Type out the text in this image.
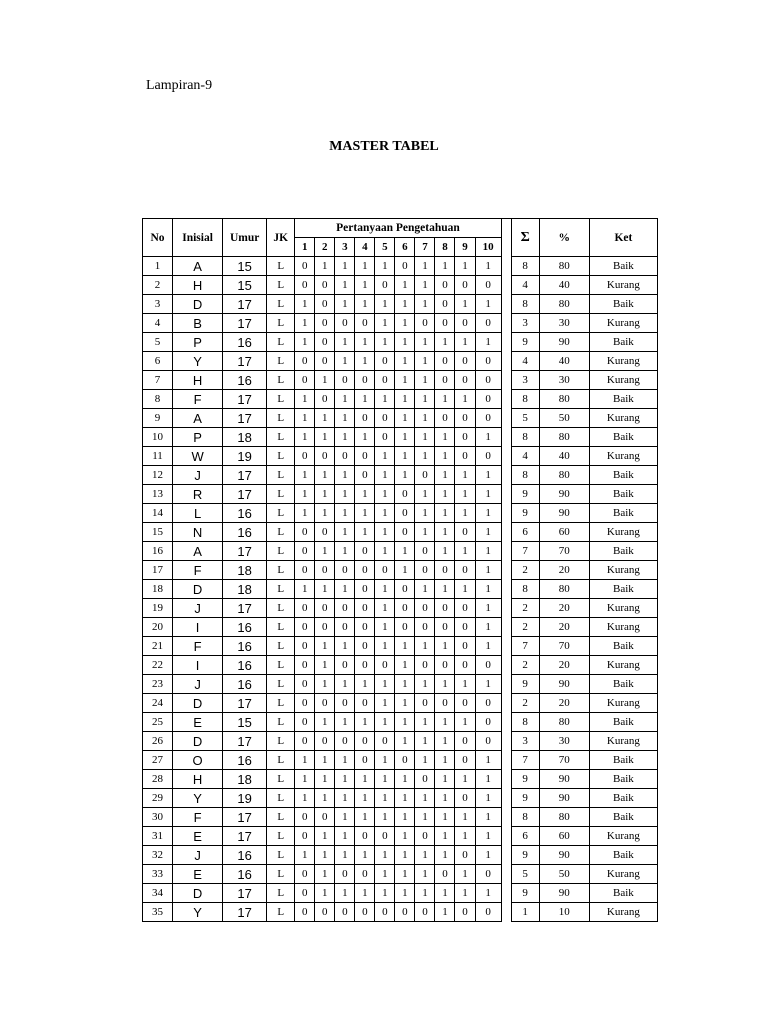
Lampiran-9
MASTER TABEL
No	Inisial	Umur	JK	Pertanyaan Pengetahuan											Σ	%	Ket
				1	2	3	4	5	6	7	8	9	10				
1	A	15	L	0	1	1	1	1	0	1	1	1	1		8	80	Baik
2	H	15	L	0	0	1	1	0	1	1	0	0	0		4	40	Kurang
3	D	17	L	1	0	1	1	1	1	1	0	1	1		8	80	Baik
4	B	17	L	1	0	0	0	1	1	0	0	0	0		3	30	Kurang
5	P	16	L	1	0	1	1	1	1	1	1	1	1		9	90	Baik
6	Y	17	L	0	0	1	1	0	1	1	0	0	0		4	40	Kurang
7	H	16	L	0	1	0	0	0	1	1	0	0	0		3	30	Kurang
8	F	17	L	1	0	1	1	1	1	1	1	1	0		8	80	Baik
9	A	17	L	1	1	1	0	0	1	1	0	0	0		5	50	Kurang
10	P	18	L	1	1	1	1	0	1	1	1	0	1		8	80	Baik
11	W	19	L	0	0	0	0	1	1	1	1	0	0		4	40	Kurang
12	J	17	L	1	1	1	0	1	1	0	1	1	1		8	80	Baik
13	R	17	L	1	1	1	1	1	0	1	1	1	1		9	90	Baik
14	L	16	L	1	1	1	1	1	0	1	1	1	1		9	90	Baik
15	N	16	L	0	0	1	1	1	0	1	1	0	1		6	60	Kurang
16	A	17	L	0	1	1	0	1	1	0	1	1	1		7	70	Baik
17	F	18	L	0	0	0	0	0	1	0	0	0	1		2	20	Kurang
18	D	18	L	1	1	1	0	1	0	1	1	1	1		8	80	Baik
19	J	17	L	0	0	0	0	1	0	0	0	0	1		2	20	Kurang
20	I	16	L	0	0	0	0	1	0	0	0	0	1		2	20	Kurang
21	F	16	L	0	1	1	0	1	1	1	1	0	1		7	70	Baik
22	I	16	L	0	1	0	0	0	1	0	0	0	0		2	20	Kurang
23	J	16	L	0	1	1	1	1	1	1	1	1	1		9	90	Baik
24	D	17	L	0	0	0	0	1	1	0	0	0	0		2	20	Kurang
25	E	15	L	0	1	1	1	1	1	1	1	1	0		8	80	Baik
26	D	17	L	0	0	0	0	0	1	1	1	0	0		3	30	Kurang
27	O	16	L	1	1	1	0	1	0	1	1	0	1		7	70	Baik
28	H	18	L	1	1	1	1	1	1	0	1	1	1		9	90	Baik
29	Y	19	L	1	1	1	1	1	1	1	1	0	1		9	90	Baik
30	F	17	L	0	0	1	1	1	1	1	1	1	1		8	80	Baik
31	E	17	L	0	1	1	0	0	1	0	1	1	1		6	60	Kurang
32	J	16	L	1	1	1	1	1	1	1	1	0	1		9	90	Baik
33	E	16	L	0	1	0	0	1	1	1	0	1	0		5	50	Kurang
34	D	17	L	0	1	1	1	1	1	1	1	1	1		9	90	Baik
35	Y	17	L	0	0	0	0	0	0	0	1	0	0		1	10	Kurang
